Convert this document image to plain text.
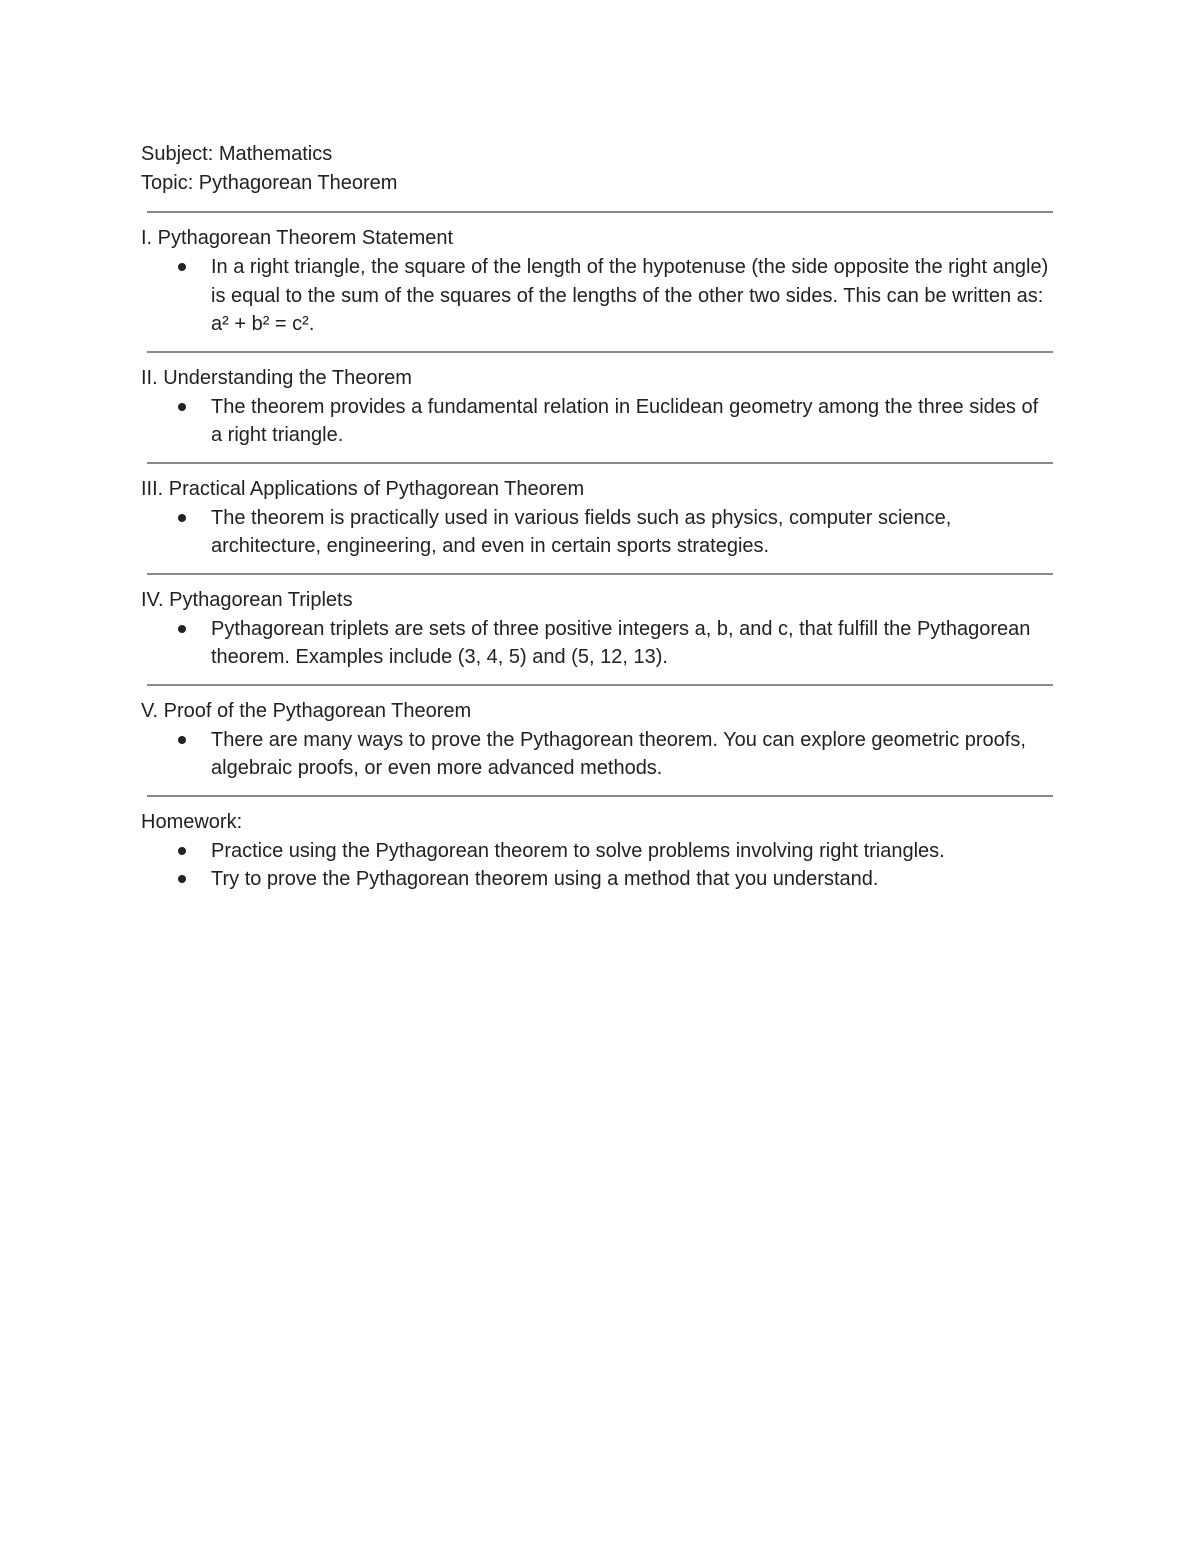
Subject: Mathematics

Topic: Pythagorean Theorem

I. Pythagorean Theorem Statement

In a right triangle, the square of the length of the hypotenuse (the side opposite the right angle) is equal to the sum of the squares of the lengths of the other two sides. This can be written as: a² + b² = c².

II. Understanding the Theorem

The theorem provides a fundamental relation in Euclidean geometry among the three sides of a right triangle.

III. Practical Applications of Pythagorean Theorem

The theorem is practically used in various fields such as physics, computer science, architecture, engineering, and even in certain sports strategies.

IV. Pythagorean Triplets

Pythagorean triplets are sets of three positive integers a, b, and c, that fulfill the Pythagorean theorem. Examples include (3, 4, 5) and (5, 12, 13).

V. Proof of the Pythagorean Theorem

There are many ways to prove the Pythagorean theorem. You can explore geometric proofs, algebraic proofs, or even more advanced methods.

Homework:

Practice using the Pythagorean theorem to solve problems involving right triangles.
Try to prove the Pythagorean theorem using a method that you understand.
